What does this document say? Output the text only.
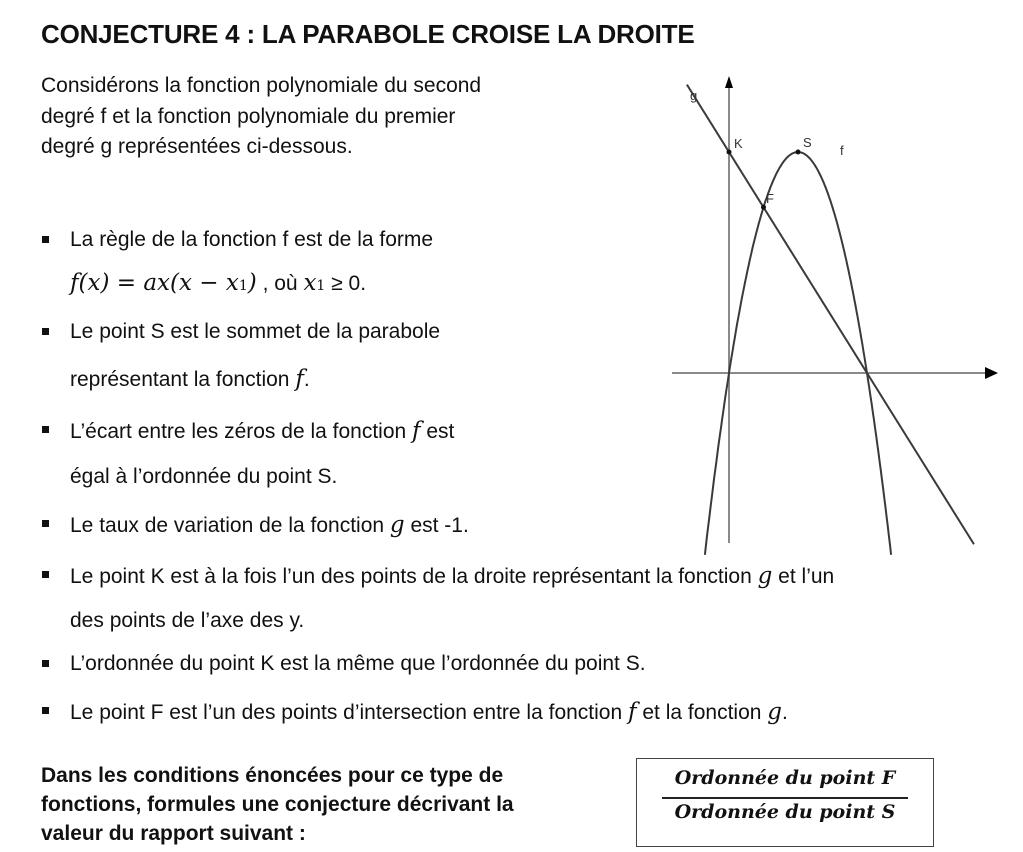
CONJECTURE 4 : LA PARABOLE CROISE LA DROITE
Considérons la fonction polynomiale du second
degré f et la fonction polynomiale du premier
degré g représentées ci-dessous.
La règle de la fonction f est de la forme
f(x) = ax(x − x1) , où x1 ≥ 0.
Le point S est le sommet de la parabole
représentant la fonction f.
L’écart entre les zéros de la fonction f est
égal à l’ordonnée du point S.
Le taux de variation de la fonction g est -1.
Le point K est à la fois l’un des points de la droite représentant la fonction g et l’un
des points de l’axe des y.
L’ordonnée du point K est la même que l’ordonnée du point S.
Le point F est l’un des points d’intersection entre la fonction f et la fonction g.
Dans les conditions énoncées pour ce type de
fonctions, formules une conjecture décrivant la
valeur du rapport suivant :
Ordonnée du point F
Ordonnée du point S
g
K	S
f
F
